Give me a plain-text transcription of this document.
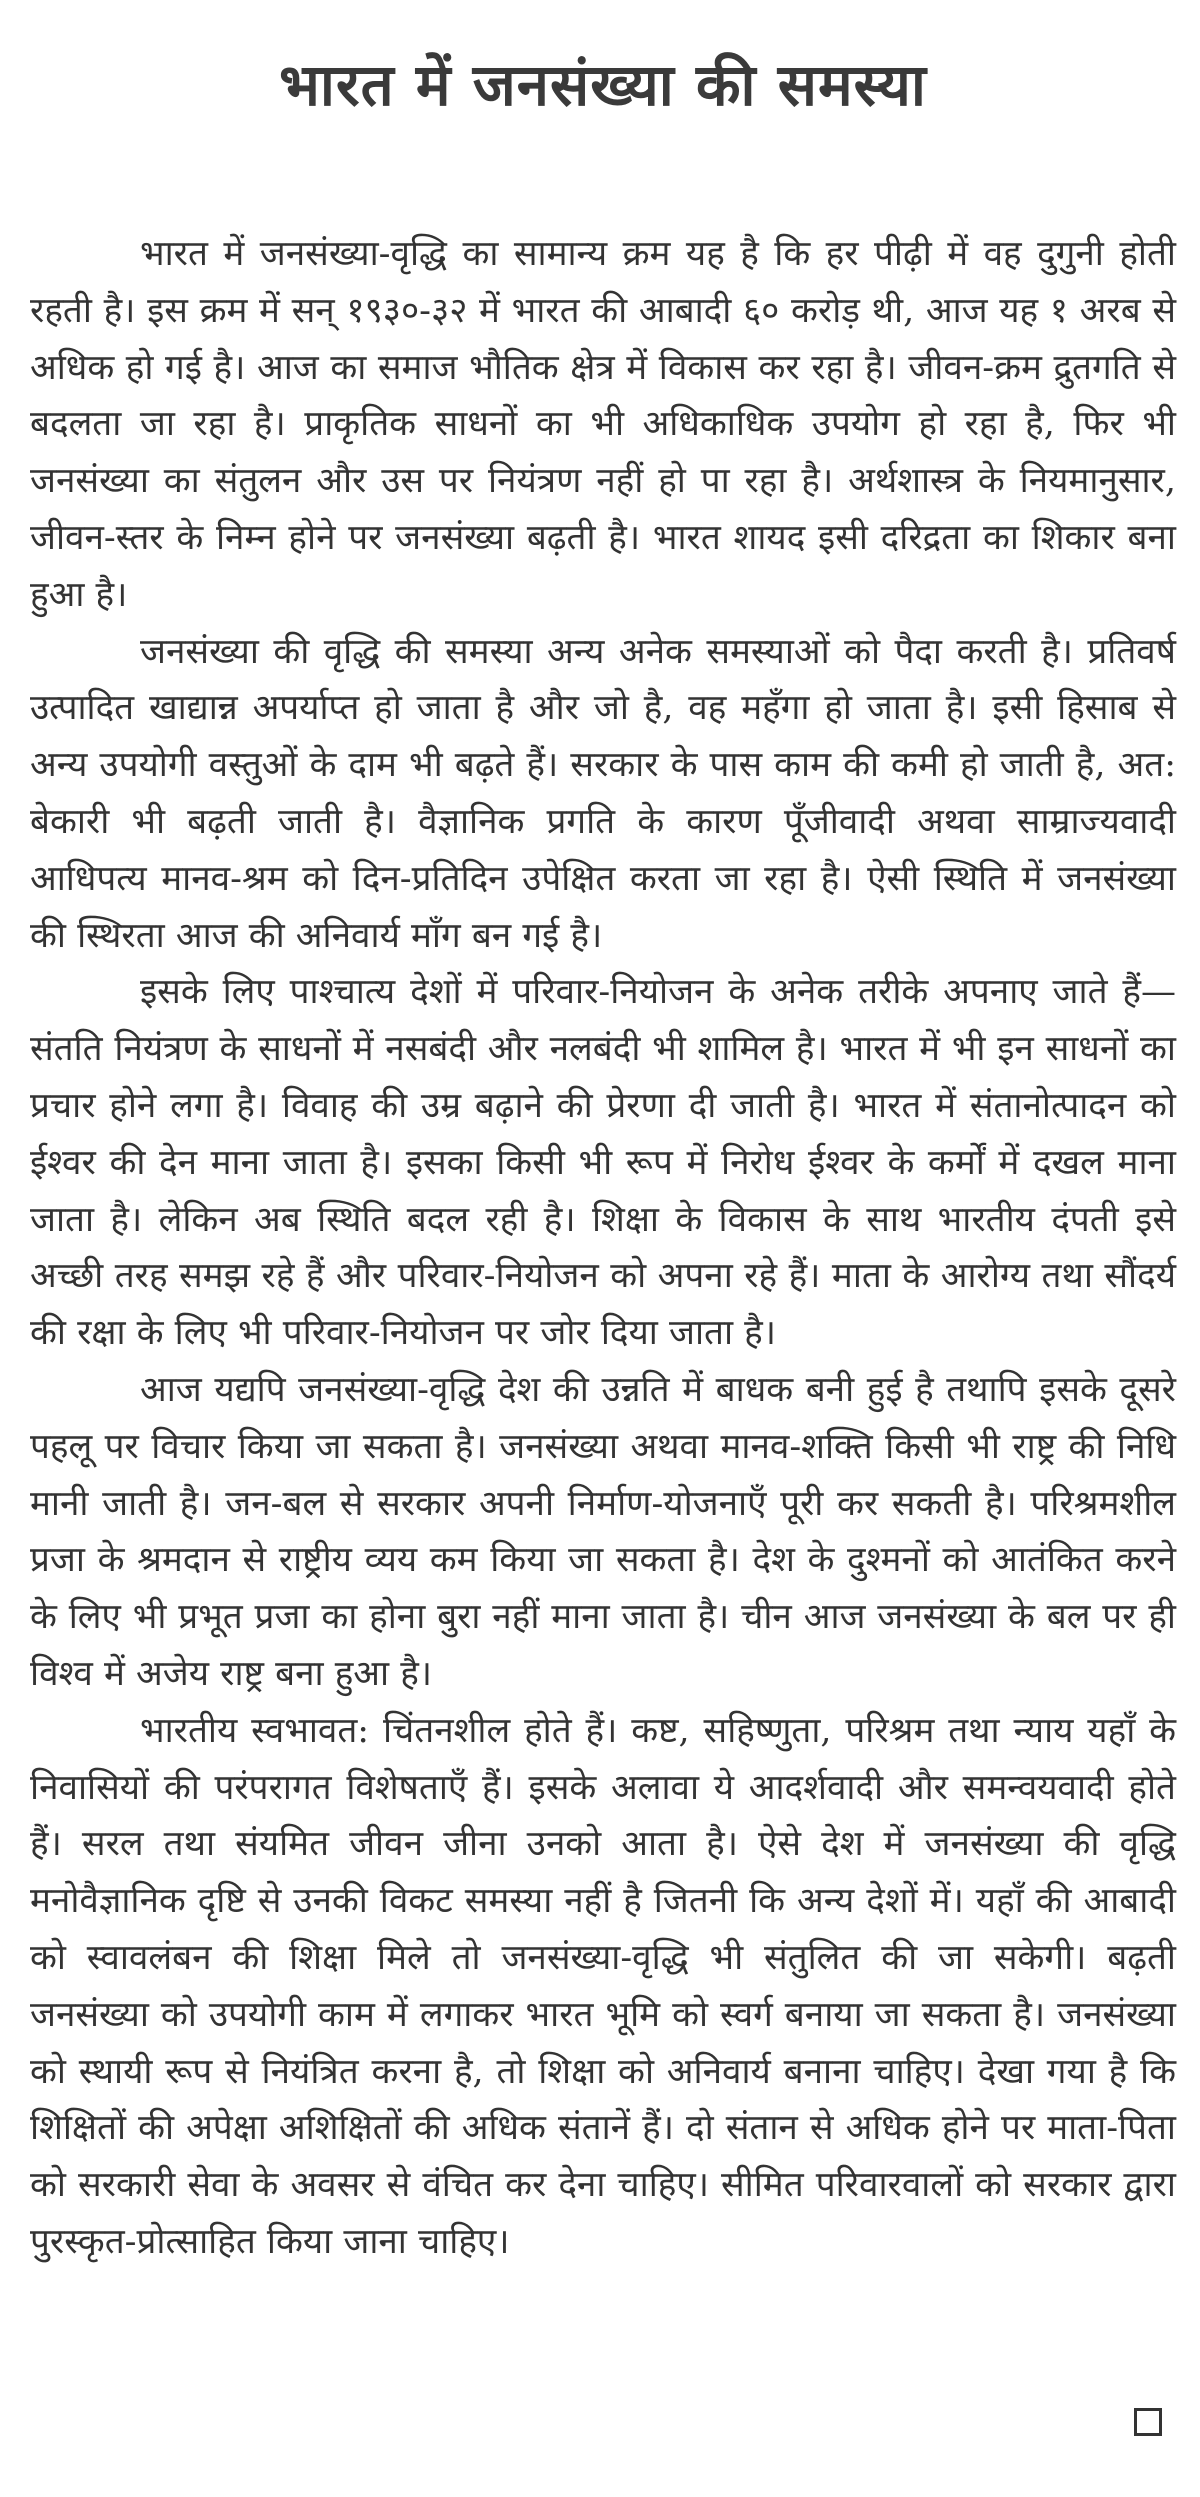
भारत में जनसंख्या की समस्या

भारत में जनसंख्या-वृद्धि का सामान्य क्रम यह है कि हर पीढ़ी में वह दुगुनी होती रहती है। इस क्रम में सन् १९३०-३२ में भारत की आबादी ६० करोड़ थी, आज यह १ अरब से अधिक हो गई है। आज का समाज भौतिक क्षेत्र में विकास कर रहा है। जीवन-क्रम द्रुतगति से बदलता जा रहा है। प्राकृतिक साधनों का भी अधिकाधिक उपयोग हो रहा है, फिर भी जनसंख्या का संतुलन और उस पर नियंत्रण नहीं हो पा रहा है। अर्थशास्त्र के नियमानुसार, जीवन-स्तर के निम्न होने पर जनसंख्या बढ़ती है। भारत शायद इसी दरिद्रता का शिकार बना हुआ है।

जनसंख्या की वृद्धि की समस्या अन्य अनेक समस्याओं को पैदा करती है। प्रतिवर्ष उत्पादित खाद्यान्न अपर्याप्त हो जाता है और जो है, वह महँगा हो जाता है। इसी हिसाब से अन्य उपयोगी वस्तुओं के दाम भी बढ़ते हैं। सरकार के पास काम की कमी हो जाती है, अत: बेकारी भी बढ़ती जाती है। वैज्ञानिक प्रगति के कारण पूँजीवादी अथवा साम्राज्यवादी आधिपत्य मानव-श्रम को दिन-प्रतिदिन उपेक्षित करता जा रहा है। ऐसी स्थिति में जनसंख्या की स्थिरता आज की अनिवार्य माँग बन गई है।

इसके लिए पाश्चात्य देशों में परिवार-नियोजन के अनेक तरीके अपनाए जाते हैं—संतति नियंत्रण के साधनों में नसबंदी और नलबंदी भी शामिल है। भारत में भी इन साधनों का प्रचार होने लगा है। विवाह की उम्र बढ़ाने की प्रेरणा दी जाती है। भारत में संतानोत्पादन को ईश्वर की देन माना जाता है। इसका किसी भी रूप में निरोध ईश्वर के कर्मों में दखल माना जाता है। लेकिन अब स्थिति बदल रही है। शिक्षा के विकास के साथ भारतीय दंपती इसे अच्छी तरह समझ रहे हैं और परिवार-नियोजन को अपना रहे हैं। माता के आरोग्य तथा सौंदर्य की रक्षा के लिए भी परिवार-नियोजन पर जोर दिया जाता है।

आज यद्यपि जनसंख्या-वृद्धि देश की उन्नति में बाधक बनी हुई है तथापि इसके दूसरे पहलू पर विचार किया जा सकता है। जनसंख्या अथवा मानव-शक्ति किसी भी राष्ट्र की निधि मानी जाती है। जन-बल से सरकार अपनी निर्माण-योजनाएँ पूरी कर सकती है। परिश्रमशील प्रजा के श्रमदान से राष्ट्रीय व्यय कम किया जा सकता है। देश के दुश्मनों को आतंकित करने के लिए भी प्रभूत प्रजा का होना बुरा नहीं माना जाता है। चीन आज जनसंख्या के बल पर ही विश्व में अजेय राष्ट्र बना हुआ है।

भारतीय स्वभावत: चिंतनशील होते हैं। कष्ट, सहिष्णुता, परिश्रम तथा न्याय यहाँ के निवासियों की परंपरागत विशेषताएँ हैं। इसके अलावा ये आदर्शवादी और समन्वयवादी होते हैं। सरल तथा संयमित जीवन जीना उनको आता है। ऐसे देश में जनसंख्या की वृद्धि मनोवैज्ञानिक दृष्टि से उनकी विकट समस्या नहीं है जितनी कि अन्य देशों में। यहाँ की आबादी को स्वावलंबन की शिक्षा मिले तो जनसंख्या-वृद्धि भी संतुलित की जा सकेगी। बढ़ती जनसंख्या को उपयोगी काम में लगाकर भारत भूमि को स्वर्ग बनाया जा सकता है। जनसंख्या को स्थायी रूप से नियंत्रित करना है, तो शिक्षा को अनिवार्य बनाना चाहिए। देखा गया है कि शिक्षितों की अपेक्षा अशिक्षितों की अधिक संतानें हैं। दो संतान से अधिक होने पर माता-पिता को सरकारी सेवा के अवसर से वंचित कर देना चाहिए। सीमित परिवारवालों को सरकार द्वारा पुरस्कृत-प्रोत्साहित किया जाना चाहिए।
